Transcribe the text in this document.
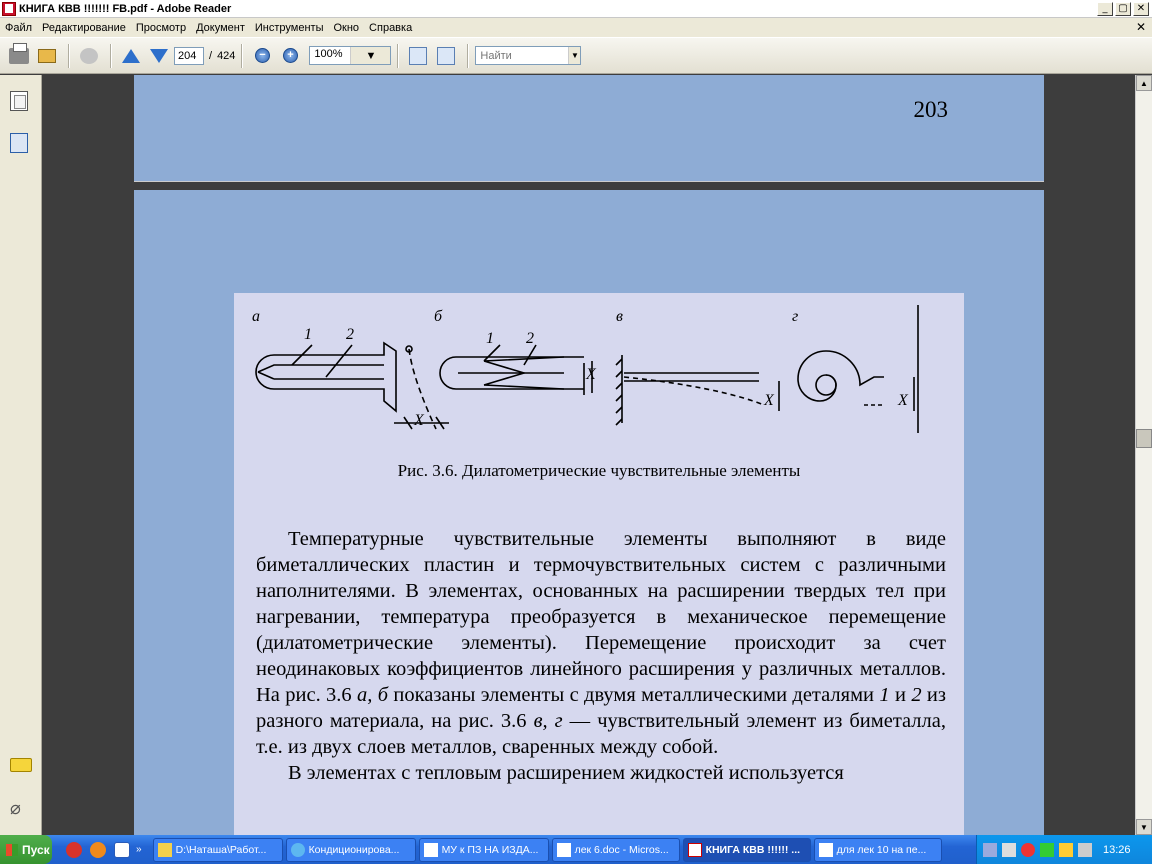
КНИГА КВВ !!!!!!! FB.pdf - Adobe Reader	_	▢ ✕
Файл Редактирование Просмотр Документ Инструменты Окно Справка	✕
204
/ 424	−	+	100%	▼
Найти	▼
⌀
203
а	б	в	г
1 2	1 2
X
X
X	X
Рис. 3.6. Дилатометрические чувствительные элементы

Температурные чувствительные элементы выполняют в виде биметаллических пластин и термочувствительных систем с различными наполнителями. В элементах, основанных на расширении твердых тел при нагревании, температура преобразуется в механическое перемещение (дилатометрические элементы). Перемещение происходит за счет неодинаковых коэффициентов линейного расширения у различных металлов. На рис. 3.6 а, б показаны элементы с двумя металлическими деталями 1 и 2 из разного материала, на рис. 3.6 в, г — чувствительный элемент из биметалла, т.е. из двух слоев металлов, сваренных между собой.

В элементах с тепловым расширением жидкостей используется

▲
▼
Пуск	»	D:\Наташа\Работ...	Кондиционирова...	МУ к ПЗ НА ИЗДА...	лек 6.doc - Micros...	КНИГА КВВ !!!!!! ...	для лек 10 на пе...	13:26
